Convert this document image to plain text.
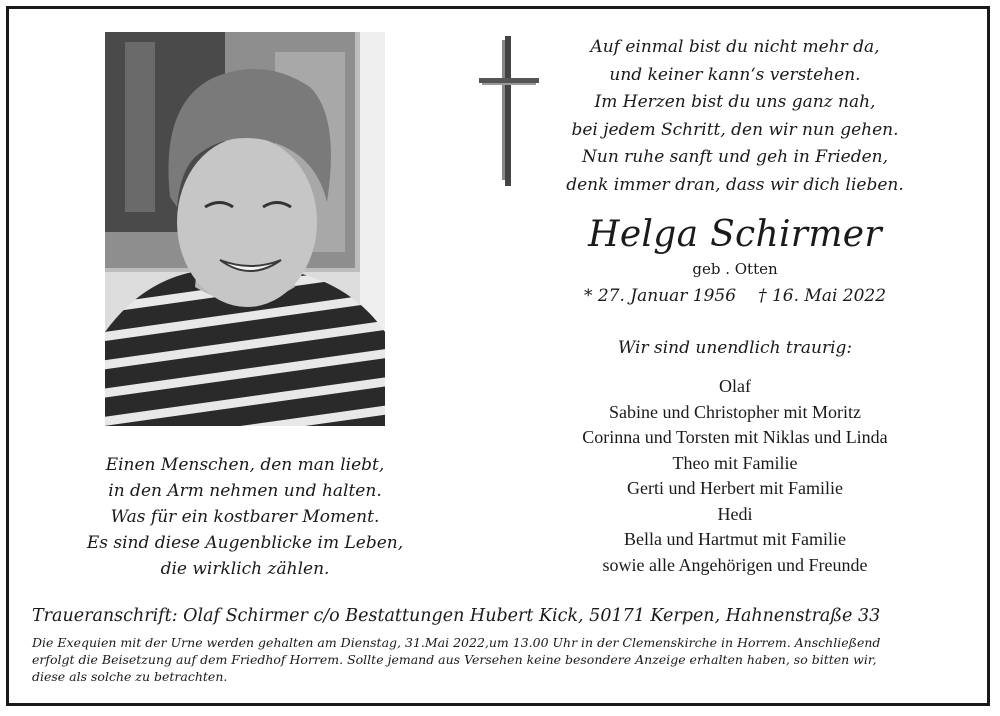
Auf einmal bist du nicht mehr da,
und keiner kann‘s verstehen.
Im Herzen bist du uns ganz nah,
bei jedem Schritt, den wir nun gehen.
Nun ruhe sanft und geh in Frieden,
denk immer dran, dass wir dich lieben.
Helga Schirmer
geb . Otten
* 27. Januar 1956 † 16. Mai 2022
Wir sind unendlich traurig:
Olaf
Sabine und Christopher mit Moritz
Corinna und Torsten mit Niklas und Linda
Theo mit Familie
Gerti und Herbert mit Familie
Hedi
Bella und Hartmut mit Familie
sowie alle Angehörigen und Freunde
Einen Menschen, den man liebt,
in den Arm nehmen und halten.
Was für ein kostbarer Moment.
Es sind diese Augenblicke im Leben,
die wirklich zählen.
Traueranschrift: Olaf Schirmer c/o Bestattungen Hubert Kick, 50171 Kerpen, Hahnenstraße 33
Die Exequien mit der Urne werden gehalten am Dienstag, 31.Mai 2022,um 13.00 Uhr in der Clemenskirche in Horrem. Anschließend
erfolgt die Beisetzung auf dem Friedhof Horrem. Sollte jemand aus Versehen keine besondere Anzeige erhalten haben, so bitten wir,
diese als solche zu betrachten.
